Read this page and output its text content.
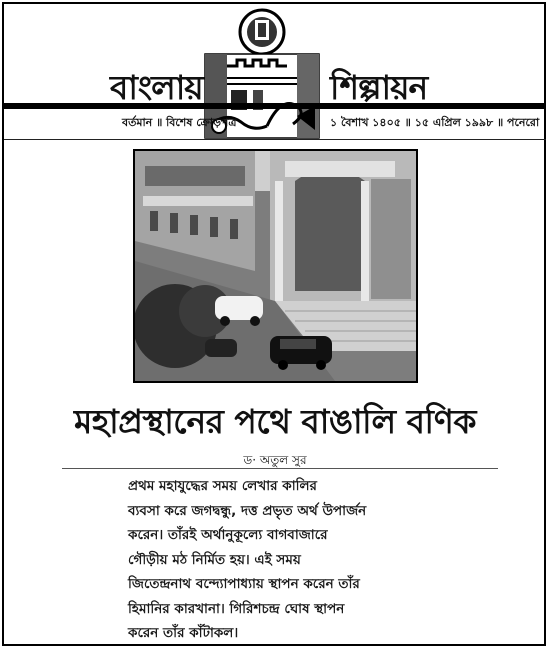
বাংলায়	শিল্পায়ন
বর্তমান ॥ বিশেষ ক্রোড়পত্র	১ বৈশাখ ১৪০৫ ॥ ১৫ এপ্রিল ১৯৯৮ ॥ পনেরো
মহাপ্রস্থানের পথে বাঙালি বণিক
ড· অতুল সুর
প্রথম মহাযুদ্ধের সময় লেখার কালির
ব্যবসা করে জগদ্বন্ধু, দত্ত প্রভৃত অর্থ উপার্জন
করেন। তাঁরই অর্থানুকূল্যে বাগবাজারে
গৌড়ীয় মঠ নির্মিত হয়। এই সময়
জিতেন্দ্রনাথ বন্দ্যোপাধ্যায় স্থাপন করেন তাঁর
হিমানির কারখানা। গিরিশচন্দ্র ঘোষ স্থাপন
করেন তাঁর কাঁটাকল।
